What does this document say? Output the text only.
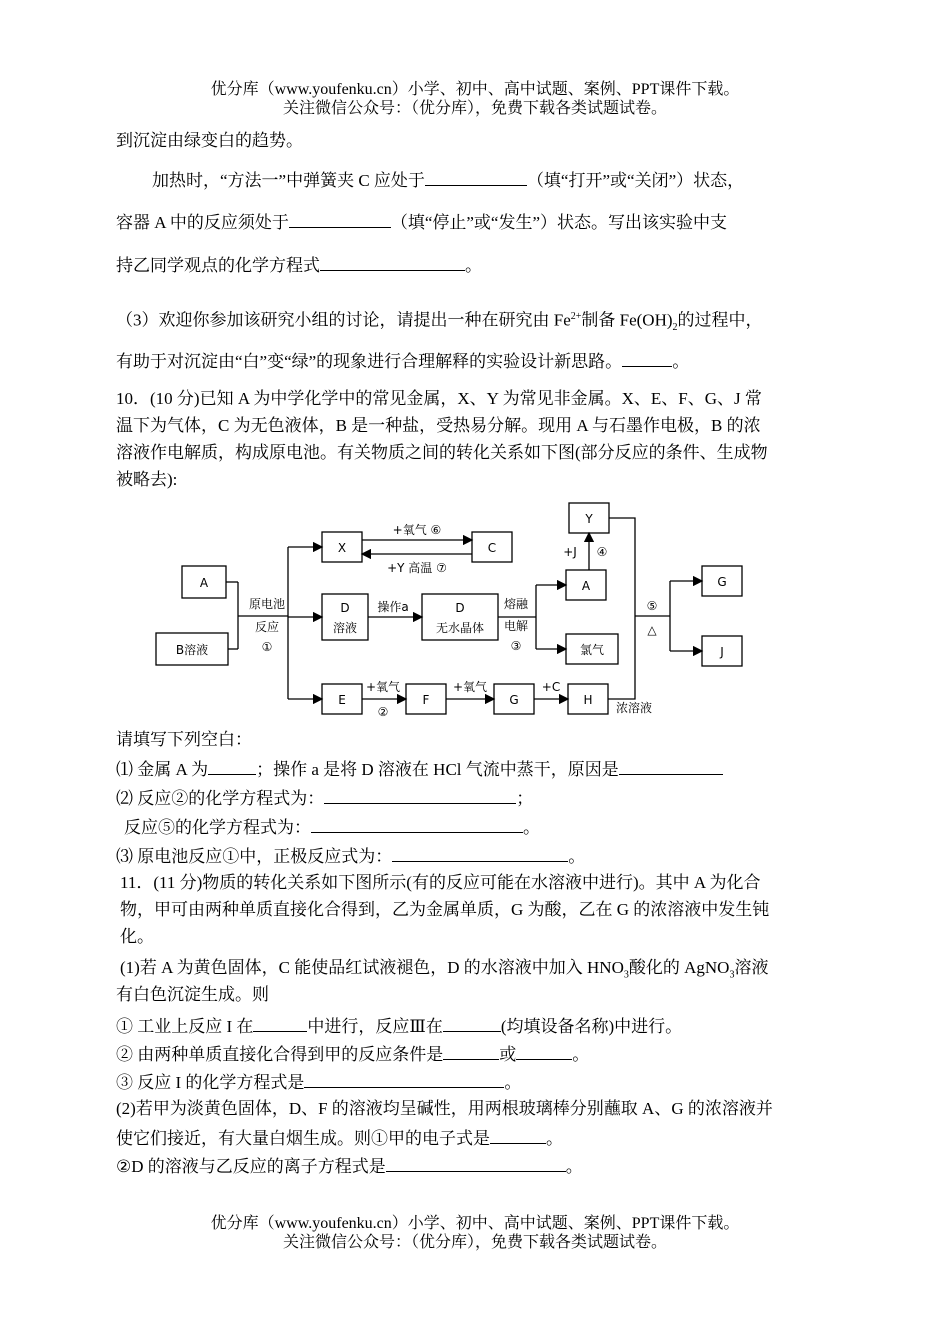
优分库（www.youfenku.cn）小学、初中、高中试题、案例、PPT课件下载。
关注微信公众号：（优分库），免费下载各类试题试卷。
到沉淀由绿变白的趋势。
加热时，“方法一”中弹簧夹 C 应处于	（填“打开”或“关闭”）状态，
容器 A 中的反应须处于	（填“停止”或“发生”）状态。写出该实验中支
持乙同学观点的化学方程式	。
（3）欢迎你参加该研究小组的讨论，请提出一种在研究由 $Fe^{2+}$制备 $Fe(OH)_2$的过程中，
有助于对沉淀由“白”变“绿”的现象进行合理解释的实验设计新思路。	。
10．(10 分)已知 A 为中学化学中的常见金属，X、Y 为常见非金属。X、E、F、G、J 常
温下为气体，C 为无色液体，B 是一种盐，受热易分解。现用 A 与石墨作电极，B 的浓
溶液作电解质，构成原电池。有关物质之间的转化关系如下图(部分反应的条件、生成物
被略去):
A
B溶液
X	C
D
溶液
D
无水晶体
E	F	G	H
A
氯气
Y
G
J
原电池
反应
①
+氧气 ⑥
+Y 高温 ⑦
操作a	熔融
电解
③
+J ④
+氧气
②
+氧气	+C
浓溶液
⑤
△
请填写下列空白：
⑴ 金属 A 为	；操作 a 是将 D 溶液在 HCl 气流中蒸干，原因是
⑵ 反应②的化学方程式为：	；
反应⑤的化学方程式为：	。
⑶ 原电池反应①中，正极反应式为：	。
11．(11 分)物质的转化关系如下图所示(有的反应可能在水溶液中进行)。其中 A 为化合
物，甲可由两种单质直接化合得到，乙为金属单质，G 为酸，乙在 G 的浓溶液中发生钝
化。
(1)若 A 为黄色固体，C 能使品红试液褪色，D 的水溶液中加入 $HNO_3$酸化的 AgNO$_3$溶液
有白色沉淀生成。则
① 工业上反应 I 在	中进行，反应Ⅲ在	(均填设备名称)中进行。
② 由两种单质直接化合得到甲的反应条件是	或	。
③ 反应 I 的化学方程式是	。
(2)若甲为淡黄色固体，D、F 的溶液均呈碱性，用两根玻璃棒分别蘸取 A、G 的浓溶液并
使它们接近，有大量白烟生成。则①甲的电子式是	。
②D 的溶液与乙反应的离子方程式是	。
优分库（www.youfenku.cn）小学、初中、高中试题、案例、PPT课件下载。
关注微信公众号：（优分库），免费下载各类试题试卷。
